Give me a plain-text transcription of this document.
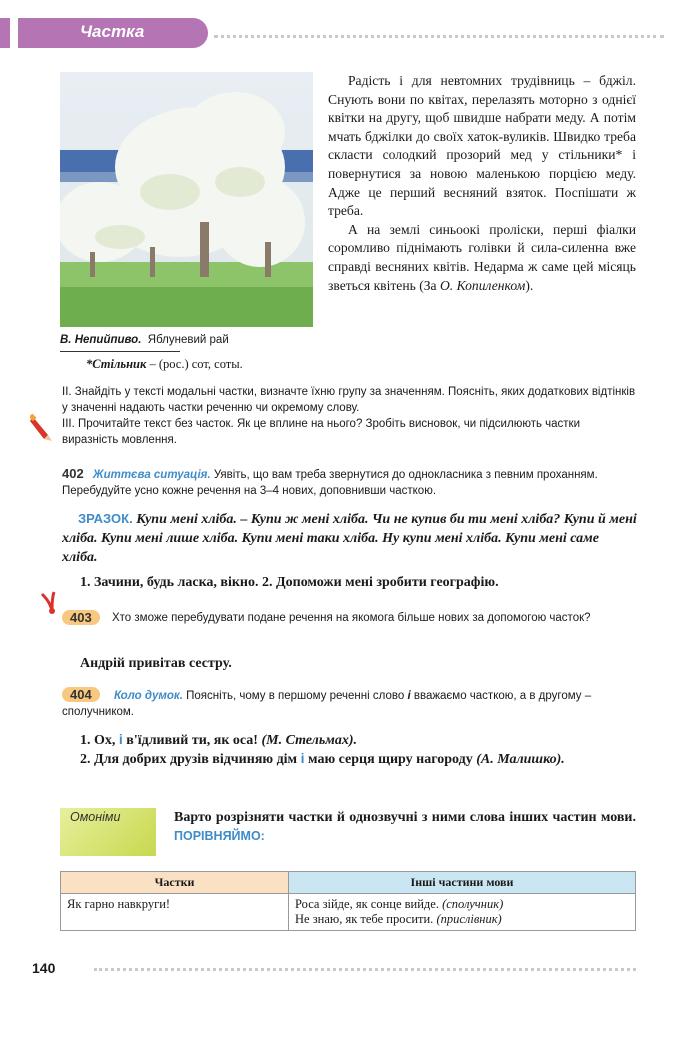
Частка
В. Непийпиво. Яблуневий рай
*Стільник – (рос.) сот, соты.

Радість і для невтомних трудівниць – бджіл. Снують вони по квітах, перелазять моторно з однієї квітки на другу, щоб швидше набрати меду. А потім мчать бджілки до своїх хаток-вуликів. Швидко треба скласти солодкий прозорий мед у стільники* і повернутися за новою маленькою порцією меду. Адже це перший весняний взяток. Поспішати ж треба.

А на землі синьоокі проліски, перші фіалки соромливо піднімають голівки й сила-силенна вже справді весняних квітів. Недарма ж саме цей місяць зветься квітень (За О. Копиленком).

ІІ. Знайдіть у тексті модальні частки, визначте їхню групу за значенням. Поясніть, яких додаткових відтінків у значенні надають частки реченню чи окремому слову.
ІІІ. Прочитайте текст без часток. Як це вплине на нього? Зробіть висновок, чи підсилюють частки виразність мовлення.
402 Життєва ситуація. Уявіть, що вам треба звернутися до однокласника з певним проханням. Перебудуйте усно кожне речення на 3–4 нових, доповнивши часткою.
ЗРАЗОК. Купи мені хліба. – Купи ж мені хліба. Чи не купив би ти мені хліба? Купи й мені хліба. Купи мені лише хліба. Купи мені таки хліба. Ну купи мені хліба. Купи мені саме хліба.
1. Зачини, будь ласка, вікно. 2. Допоможи мені зробити географію.
403	Хто зможе перебудувати подане речення на якомога більше нових за допомогою часток?
Андрій привітав сестру.
404	Коло думок. Поясніть, чому в першому реченні слово і вважаємо часткою, а в другому – сполучником.
1. Ох, і в'їдливий ти, як оса! (М. Стельмах).
2. Для добрих друзів відчиняю дім і маю серця щиру нагороду (А. Малишко).
Омоніми	Варто розрізняти частки й однозвучні з ними слова інших частин мови. ПОРІВНЯЙМО:
Частки	Інші частини мови
Як гарно навкруги!	Роса зійде, як сонце вийде. (сполучник)
Не знаю, як тебе просити. (прислівник)
140
